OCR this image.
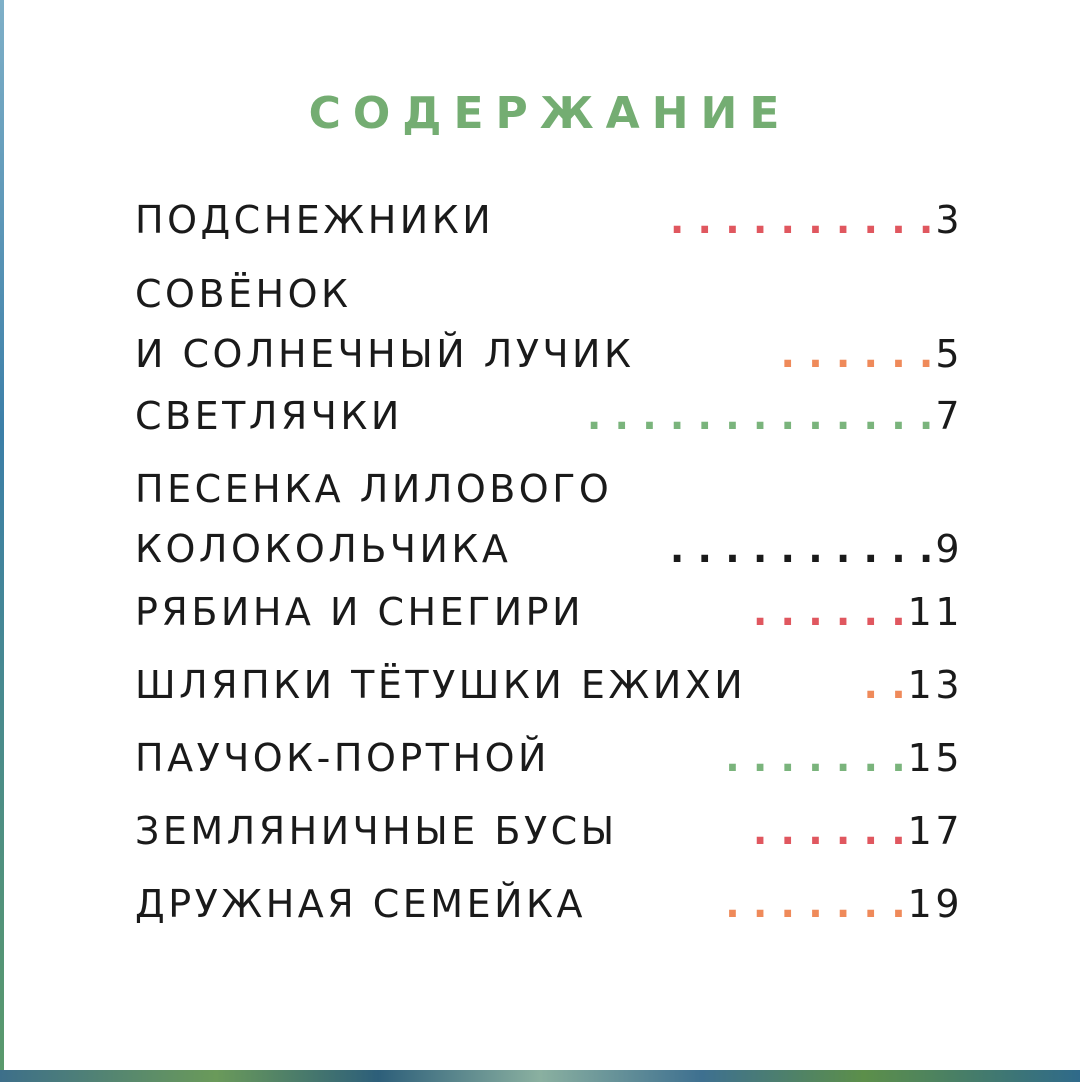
СОДЕРЖАНИЕ
ПОДСНЕЖНИКИ	. . . . . . . . . . 3
СОВЁНОК
И СОЛНЕЧНЫЙ ЛУЧИК	. . . . . . 5
СВЕТЛЯЧКИ	. . . . . . . . . . . . . 7
ПЕСЕНКА ЛИЛОВОГО
КОЛОКОЛЬЧИКА	. . . . . . . . . . 9
РЯБИНА И СНЕГИРИ	. . . . . . 11
ШЛЯПКИ ТЁТУШКИ ЕЖИХИ	. . 13
ПАУЧОК-ПОРТНОЙ	. . . . . . . 15
ЗЕМЛЯНИЧНЫЕ БУСЫ	. . . . . . 17
ДРУЖНАЯ СЕМЕЙКА	. . . . . . . 19
